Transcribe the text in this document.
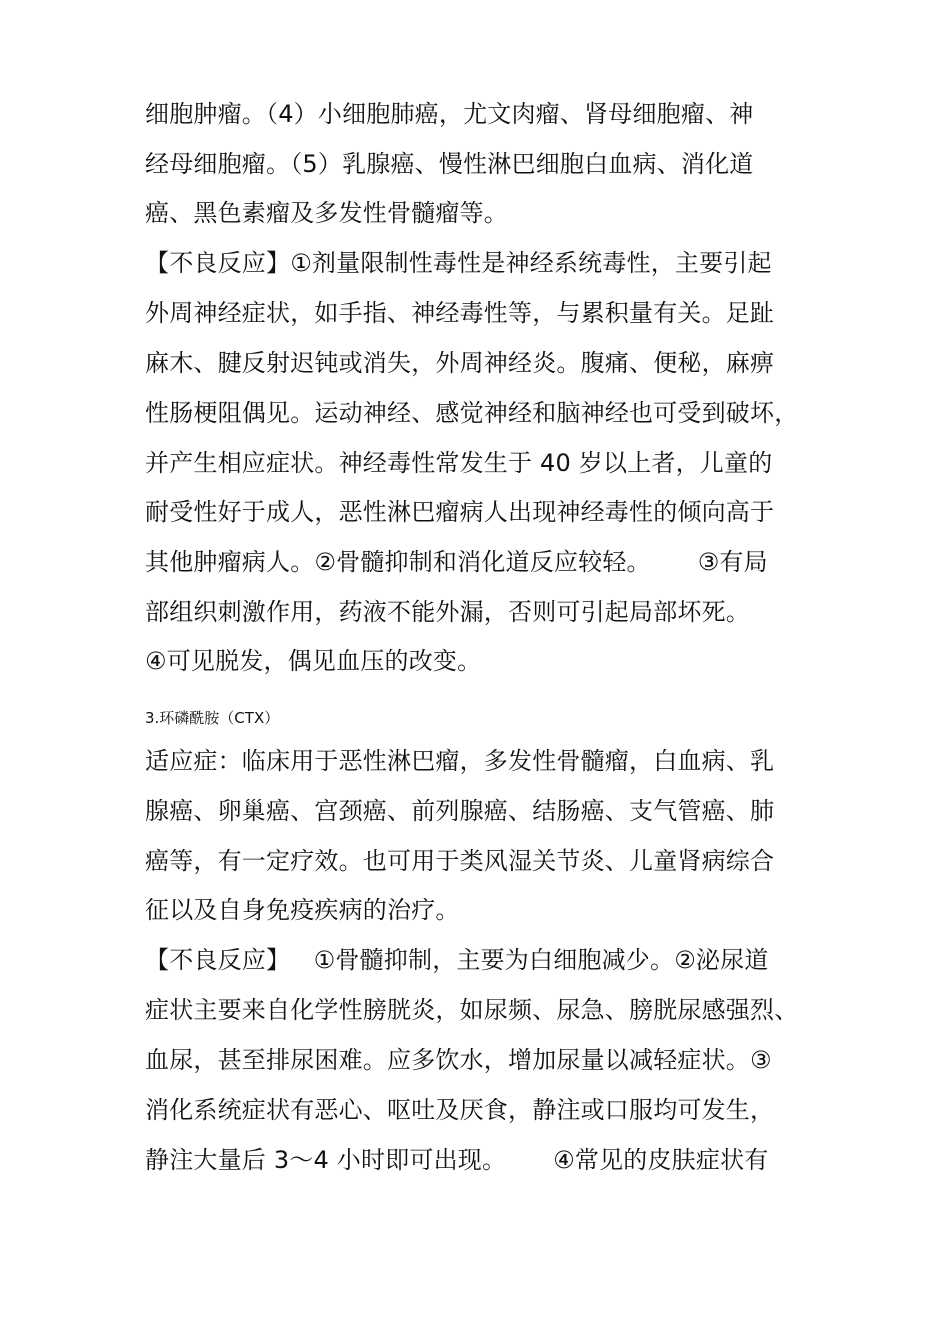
细胞肿瘤。（4）小细胞肺癌，尤文肉瘤、肾母细胞瘤、神
经母细胞瘤。（5）乳腺癌、慢性淋巴细胞白血病、消化道
癌、黑色素瘤及多发性骨髓瘤等。
【不良反应】①剂量限制性毒性是神经系统毒性，主要引起
外周神经症状，如手指、神经毒性等，与累积量有关。足趾
麻木、腱反射迟钝或消失，外周神经炎。腹痛、便秘，麻痹
性肠梗阻偶见。运动神经、感觉神经和脑神经也可受到破坏，
并产生相应症状。神经毒性常发生于 40 岁以上者，儿童的
耐受性好于成人，恶性淋巴瘤病人出现神经毒性的倾向高于
其他肿瘤病人。②骨髓抑制和消化道反应较轻。      ③有局
部组织刺激作用，药液不能外漏，否则可引起局部坏死。
④可见脱发，偶见血压的改变。
3.环磷酰胺（CTX）
适应症：临床用于恶性淋巴瘤，多发性骨髓瘤，白血病、乳
腺癌、卵巢癌、宫颈癌、前列腺癌、结肠癌、支气管癌、肺
癌等，有一定疗效。也可用于类风湿关节炎、儿童肾病综合
征以及自身免疫疾病的治疗。
【不良反应】   ①骨髓抑制，主要为白细胞减少。②泌尿道
症状主要来自化学性膀胱炎，如尿频、尿急、膀胱尿感强烈、
血尿，甚至排尿困难。应多饮水，增加尿量以减轻症状。③
消化系统症状有恶心、呕吐及厌食，静注或口服均可发生，
静注大量后 3～4 小时即可出现。      ④常见的皮肤症状有
